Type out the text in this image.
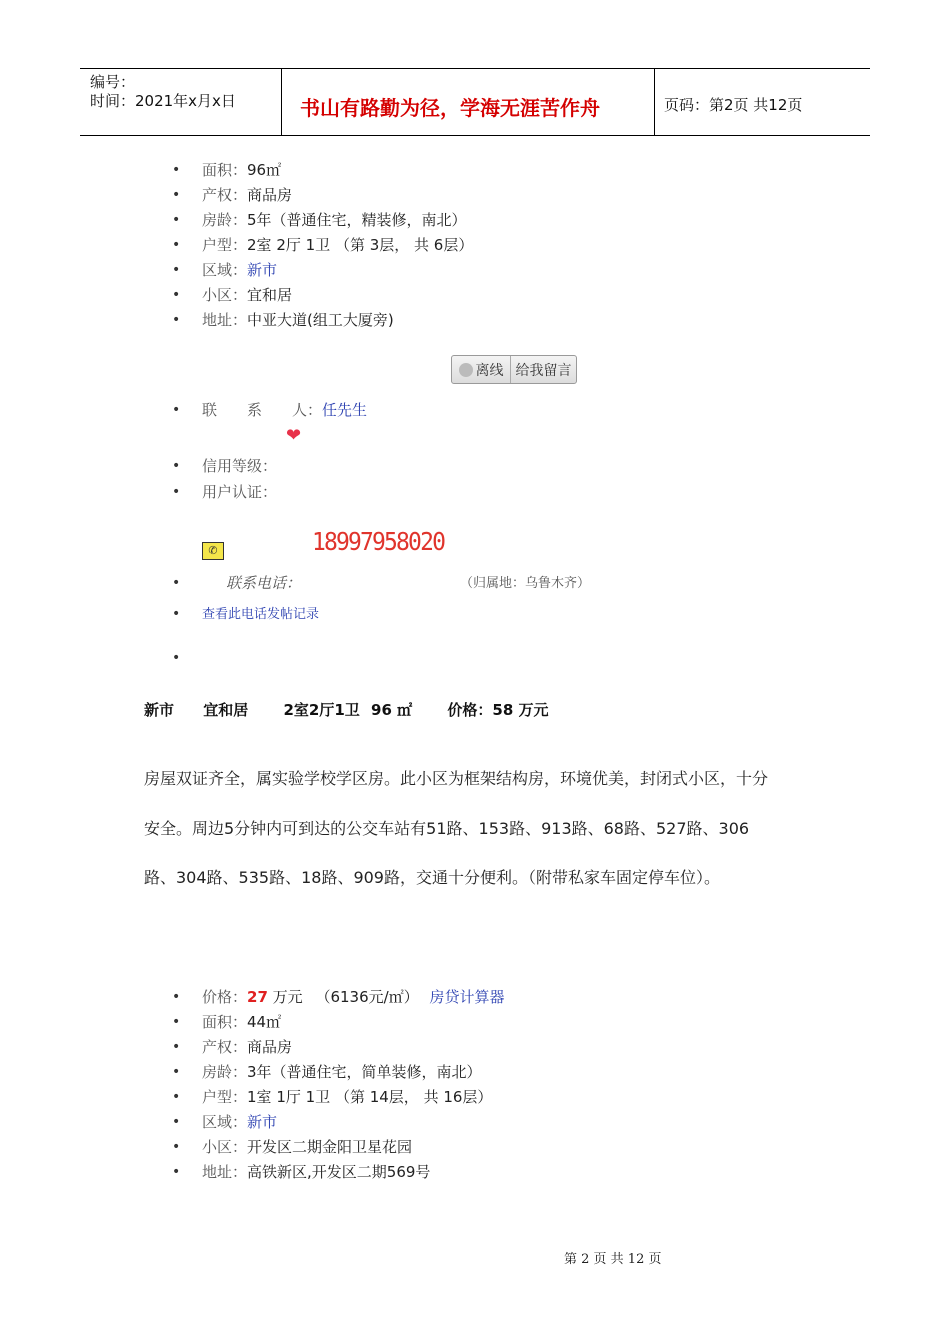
编号：
时间：2021年x月x日	书山有路勤为径，学海无涯苦作舟	页码：第2页 共12页
• 面积：96㎡
• 产权：商品房
• 房龄：5年（普通住宅，精装修，南北）
• 户型：2室 2厅 1卫 （第 3层， 共 6层）
• 区域：新市
• 小区：宜和居
• 地址：中亚大道(组工大厦旁)
离线 给我留言
• 联　　系　　人：任先生
❤
• 信用等级：
• 用户认证：
✆	18997958020
• 联系电话：	（归属地：乌鲁木齐）
• 查看此电话发帖记录
•
新市 宜和居 2室2厅1卫 96 ㎡ 价格：58 万元
房屋双证齐全，属实验学校学区房。此小区为框架结构房，环境优美，封闭式小区，十分
安全。周边5分钟内可到达的公交车站有51路、153路、913路、68路、527路、306
路、304路、535路、18路、909路，交通十分便利。（附带私家车固定停车位）。
• 价格：27 万元 （6136元/㎡） 房贷计算器
• 面积：44㎡
• 产权：商品房
• 房龄：3年（普通住宅，简单装修，南北）
• 户型：1室 1厅 1卫 （第 14层， 共 16层）
• 区域：新市
• 小区：开发区二期金阳卫星花园
• 地址：高铁新区,开发区二期569号
第 2 页 共 12 页
